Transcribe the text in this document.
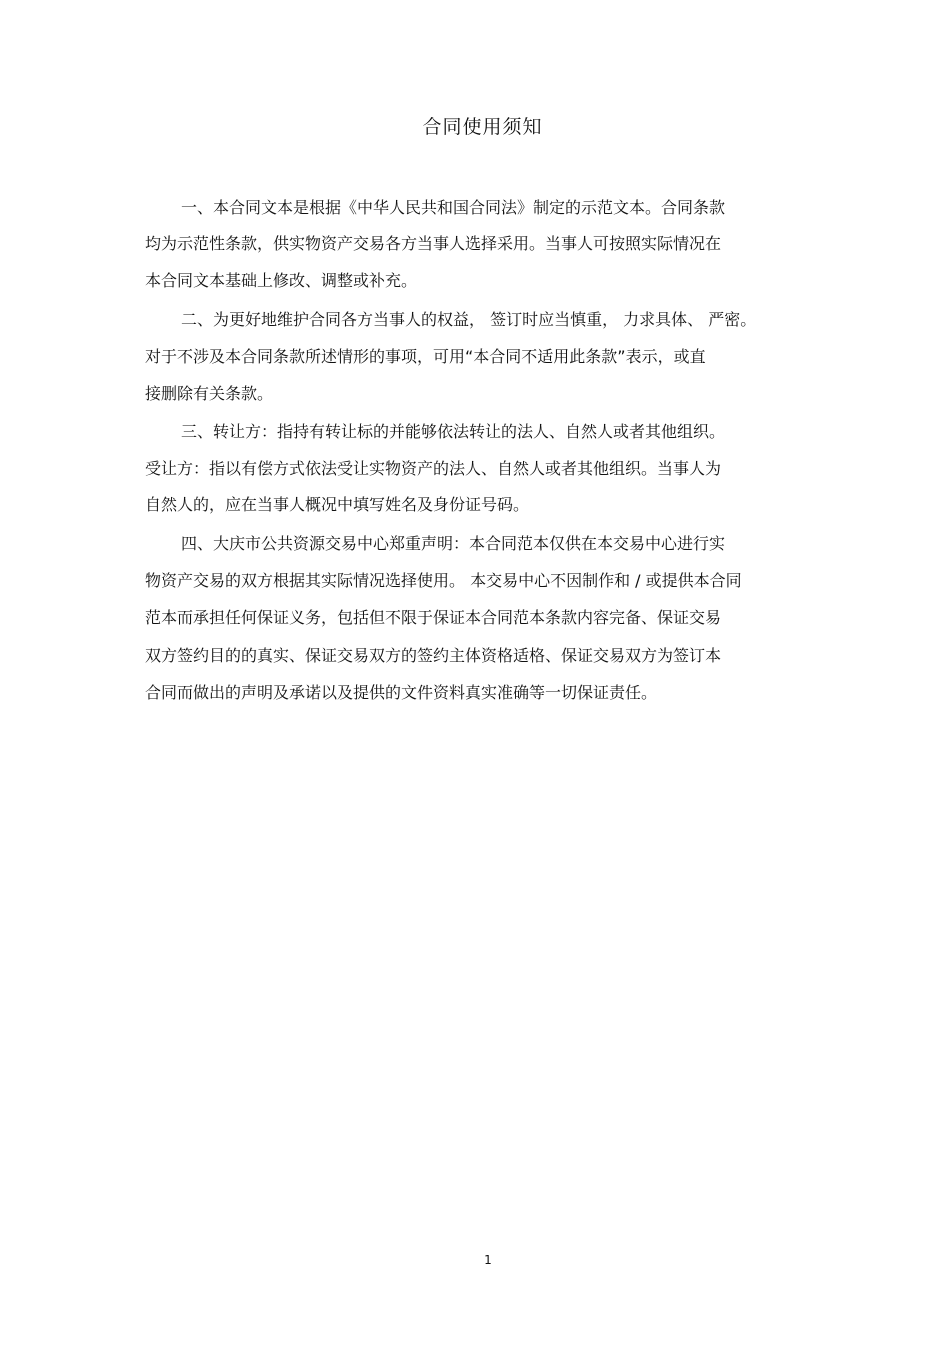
合同使用须知

一、本合同文本是根据《中华人民共和国合同法》制定的示范文本。合同条款

均为示范性条款，供实物资产交易各方当事人选择采用。当事人可按照实际情况在

本合同文本基础上修改、调整或补充。

二、为更好地维护合同各方当事人的权益， 签订时应当慎重， 力求具体、 严密。

对于不涉及本合同条款所述情形的事项，可用“本合同不适用此条款”表示，或直

接删除有关条款。

三、转让方：指持有转让标的并能够依法转让的法人、自然人或者其他组织。

受让方：指以有偿方式依法受让实物资产的法人、自然人或者其他组织。当事人为

自然人的，应在当事人概况中填写姓名及身份证号码。

四、大庆市公共资源交易中心郑重声明：本合同范本仅供在本交易中心进行实

物资产交易的双方根据其实际情况选择使用。 本交易中心不因制作和 / 或提供本合同

范本而承担任何保证义务，包括但不限于保证本合同范本条款内容完备、保证交易

双方签约目的的真实、保证交易双方的签约主体资格适格、保证交易双方为签订本

合同而做出的声明及承诺以及提供的文件资料真实准确等一切保证责任。

1
